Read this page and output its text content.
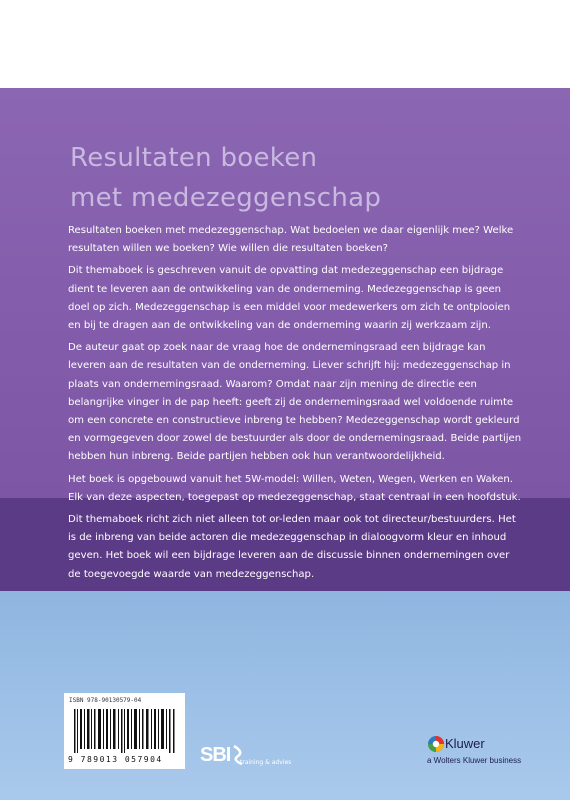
Resultaten boeken
met medezeggenschap

Resultaten boeken met medezeggenschap. Wat bedoelen we daar eigenlijk mee? Welke resultaten willen we boeken? Wie willen die resultaten boeken?

Dit themaboek is geschreven vanuit de opvatting dat medezeggenschap een bijdrage dient te leveren aan de ontwikkeling van de onderneming. Medezeggenschap is geen doel op zich. Medezeggenschap is een middel voor medewerkers om zich te ontplooien en bij te dragen aan de ontwikkeling van de onderneming waarin zij werkzaam zijn.

De auteur gaat op zoek naar de vraag hoe de ondernemingsraad een bijdrage kan leveren aan de resultaten van de onderneming. Liever schrijft hij: medezeggenschap in plaats van ondernemingsraad. Waarom? Omdat naar zijn mening de directie een belangrijke vinger in de pap heeft: geeft zij de ondernemingsraad wel voldoende ruimte om een concrete en constructieve inbreng te hebben? Medezeggenschap wordt gekleurd en vormgegeven door zowel de bestuurder als door de ondernemingsraad. Beide partijen hebben hun inbreng. Beide partijen hebben ook hun verantwoordelijkheid.

Het boek is opgebouwd vanuit het 5W-model: Willen, Weten, Wegen, Werken en Waken. Elk van deze aspecten, toegepast op medezeggenschap, staat centraal in een hoofdstuk.

Dit themaboek richt zich niet alleen tot or-leden maar ook tot directeur/bestuurders. Het is de inbreng van beide actoren die medezeggenschap in dialoogvorm kleur en inhoud geven. Het boek wil een bijdrage leveren aan de discussie binnen ondernemingen over de toegevoegde waarde van medezeggenschap.

ISBN 978-90130579-04
9 789013 057904 SBI training & advies
Kluwer
a Wolters Kluwer business
